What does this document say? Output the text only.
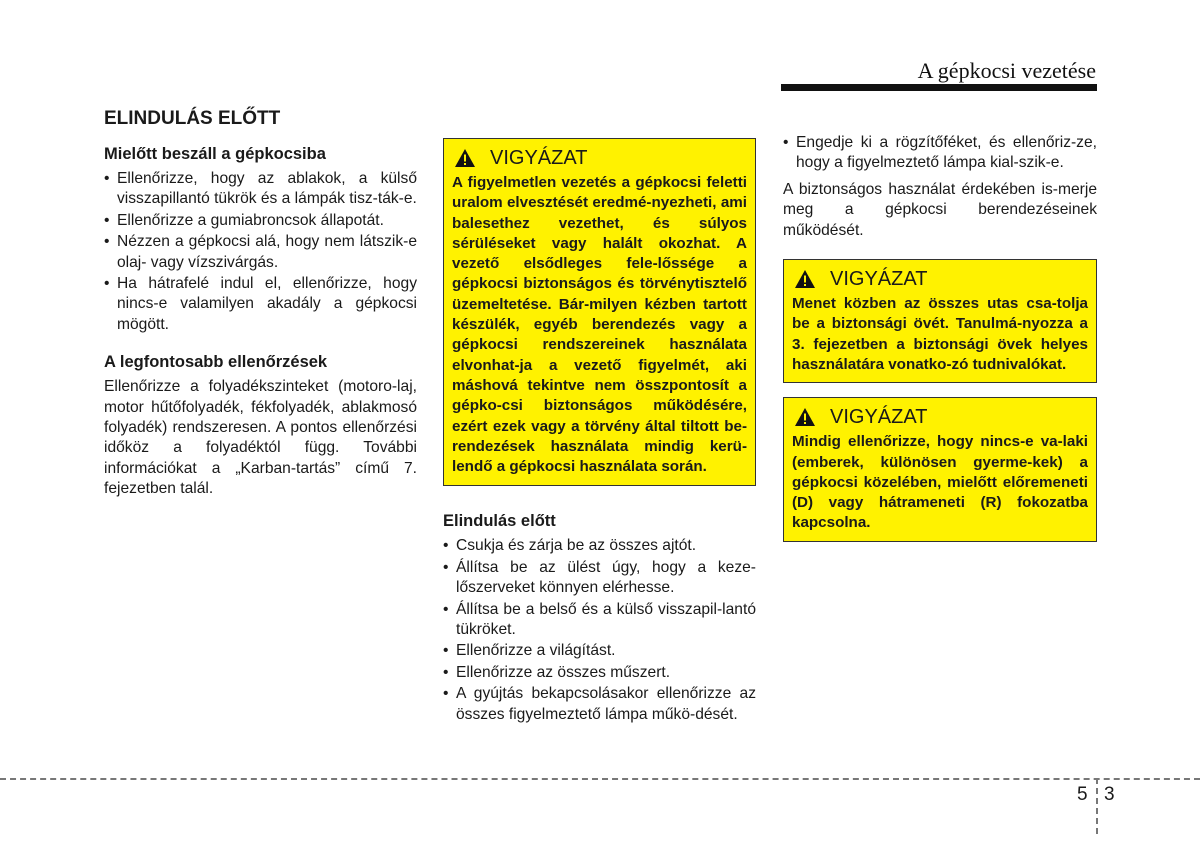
A gépkocsi vezetése
ELINDULÁS ELŐTT
Mielőtt beszáll a gépkocsiba
• Ellenőrizze, hogy az ablakok, a külső visszapillantó tükrök és a lámpák tisz-ták-e.
• Ellenőrizze a gumiabroncsok állapotát.
• Nézzen a gépkocsi alá, hogy nem látszik-e olaj- vagy vízszivárgás.
• Ha hátrafelé indul el, ellenőrizze, hogy nincs-e valamilyen akadály a gépkocsi mögött.
A legfontosabb ellenőrzések

Ellenőrizze a folyadékszinteket (motoro-laj, motor hűtőfolyadék, fékfolyadék, ablakmosó folyadék) rendszeresen. A pontos ellenőrzési időköz a folyadéktól függ. További információkat a „Karban-tartás” című 7. fejezetben talál.

VIGYÁZAT
A figyelmetlen vezetés a gépkocsi feletti uralom elvesztését eredmé-nyezheti, ami balesethez vezethet, és súlyos sérüléseket vagy halált okozhat. A vezető elsődleges fele-lőssége a gépkocsi biztonságos és törvénytisztelő üzemeltetése. Bár-milyen kézben tartott készülék, egyéb berendezés vagy a gépkocsi rendszereinek használata elvonhat-ja a vezető figyelmét, aki máshová tekintve nem összpontosít a gépko-csi biztonságos működésére, ezért ezek vagy a törvény által tiltott be-rendezések használata mindig kerü-lendő a gépkocsi használata során.
Elindulás előtt
• Csukja és zárja be az összes ajtót.
• Állítsa be az ülést úgy, hogy a keze-lőszerveket könnyen elérhesse.
• Állítsa be a belső és a külső visszapil-lantó tükröket.
• Ellenőrizze a világítást.
• Ellenőrizze az összes műszert.
• A gyújtás bekapcsolásakor ellenőrizze az összes figyelmeztető lámpa műkö-dését.
• Engedje ki a rögzítőféket, és ellenőriz-ze, hogy a figyelmeztető lámpa kial-szik-e.

A biztonságos használat érdekében is-merje meg a gépkocsi berendezéseinek működését.

VIGYÁZAT
Menet közben az összes utas csa-tolja be a biztonsági övét. Tanulmá-nyozza a 3. fejezetben a biztonsági övek helyes használatára vonatko-zó tudnivalókat.
VIGYÁZAT
Mindig ellenőrizze, hogy nincs-e va-laki (emberek, különösen gyerme-kek) a gépkocsi közelében, mielőtt előremeneti (D) vagy hátrameneti (R) fokozatba kapcsolna.
5 3
